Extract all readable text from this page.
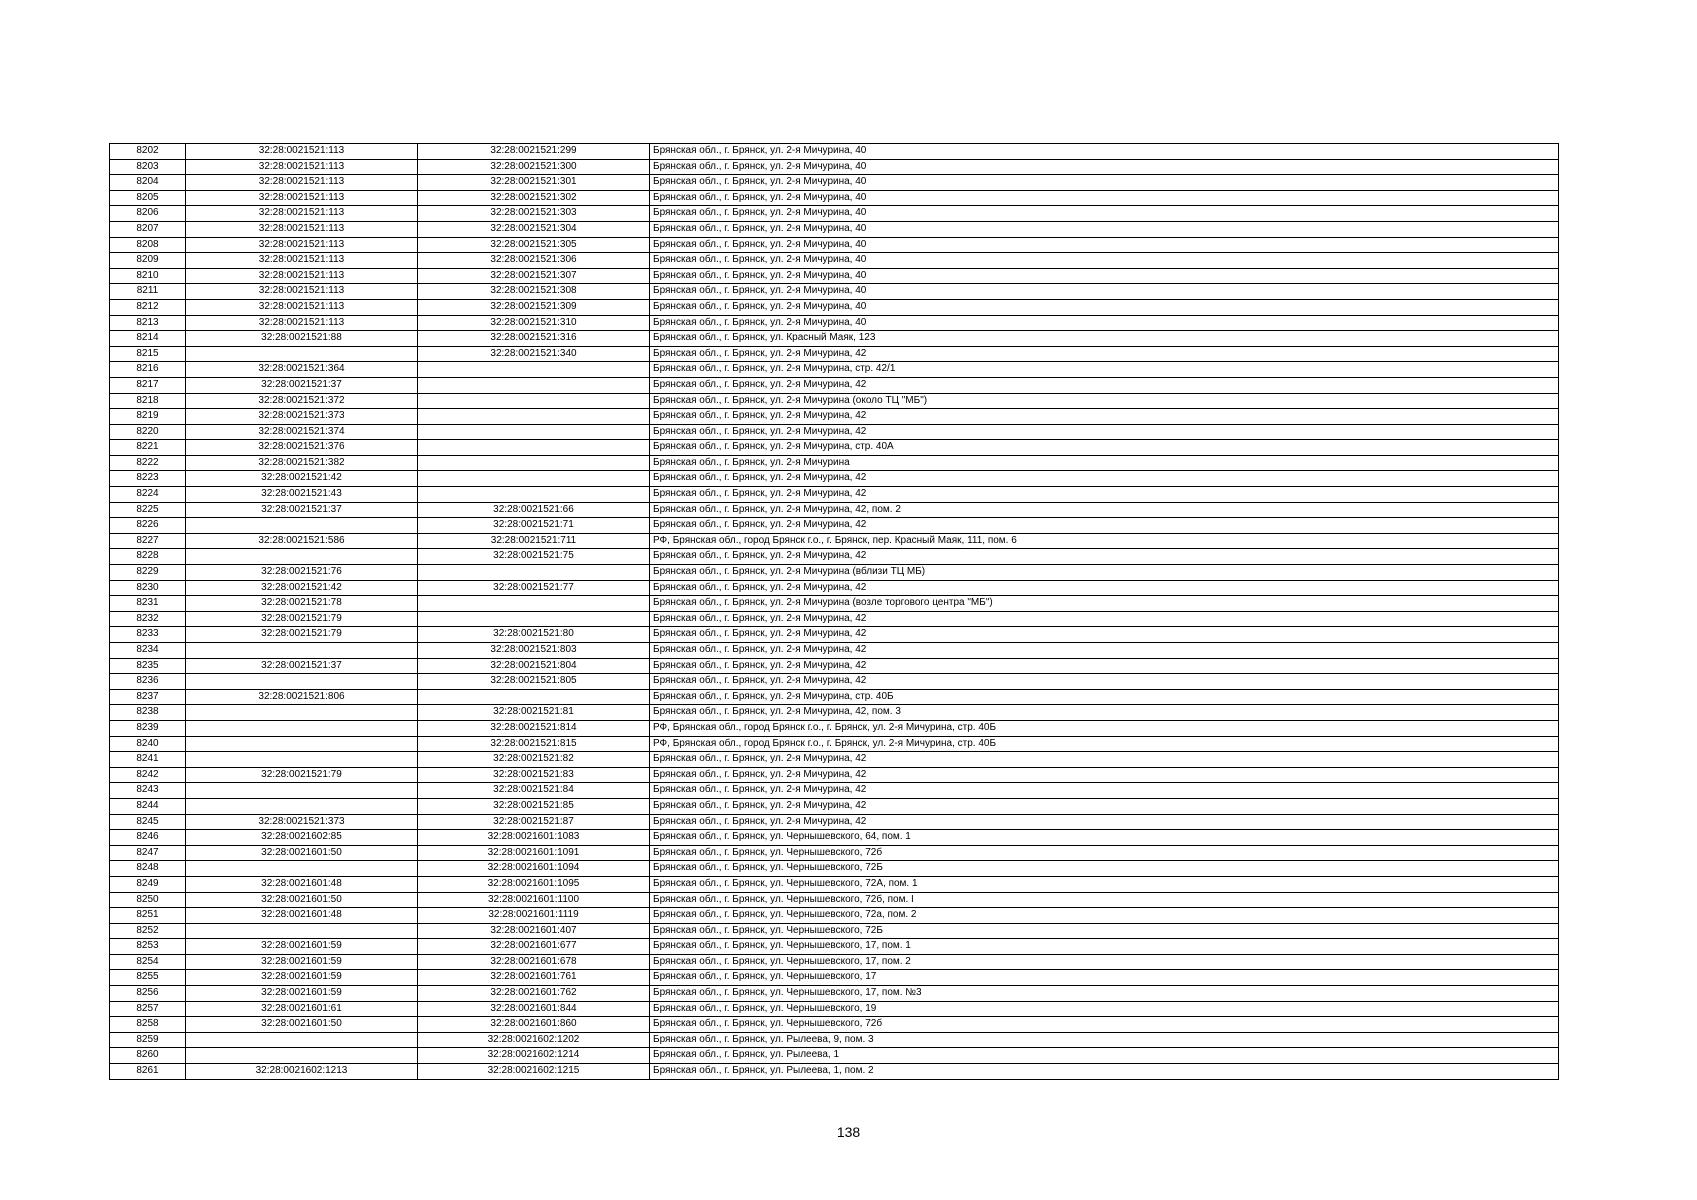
8202	32:28:0021521:113	32:28:0021521:299	Брянская обл., г. Брянск, ул. 2-я Мичурина, 40
8203	32:28:0021521:113	32:28:0021521:300	Брянская обл., г. Брянск, ул. 2-я Мичурина, 40
8204	32:28:0021521:113	32:28:0021521:301	Брянская обл., г. Брянск, ул. 2-я Мичурина, 40
8205	32:28:0021521:113	32:28:0021521:302	Брянская обл., г. Брянск, ул. 2-я Мичурина, 40
8206	32:28:0021521:113	32:28:0021521:303	Брянская обл., г. Брянск, ул. 2-я Мичурина, 40
8207	32:28:0021521:113	32:28:0021521:304	Брянская обл., г. Брянск, ул. 2-я Мичурина, 40
8208	32:28:0021521:113	32:28:0021521:305	Брянская обл., г. Брянск, ул. 2-я Мичурина, 40
8209	32:28:0021521:113	32:28:0021521:306	Брянская обл., г. Брянск, ул. 2-я Мичурина, 40
8210	32:28:0021521:113	32:28:0021521:307	Брянская обл., г. Брянск, ул. 2-я Мичурина, 40
8211	32:28:0021521:113	32:28:0021521:308	Брянская обл., г. Брянск, ул. 2-я Мичурина, 40
8212	32:28:0021521:113	32:28:0021521:309	Брянская обл., г. Брянск, ул. 2-я Мичурина, 40
8213	32:28:0021521:113	32:28:0021521:310	Брянская обл., г. Брянск, ул. 2-я Мичурина, 40
8214	32:28:0021521:88	32:28:0021521:316	Брянская обл., г. Брянск, ул. Красный Маяк, 123
8215		32:28:0021521:340	Брянская обл., г. Брянск, ул. 2-я Мичурина, 42
8216	32:28:0021521:364		Брянская обл., г. Брянск, ул. 2-я Мичурина, стр. 42/1
8217	32:28:0021521:37		Брянская обл., г. Брянск, ул. 2-я Мичурина, 42
8218	32:28:0021521:372		Брянская обл., г. Брянск, ул. 2-я Мичурина (около ТЦ "МБ")
8219	32:28:0021521:373		Брянская обл., г. Брянск, ул. 2-я Мичурина, 42
8220	32:28:0021521:374		Брянская обл., г. Брянск, ул. 2-я Мичурина, 42
8221	32:28:0021521:376		Брянская обл., г. Брянск, ул. 2-я Мичурина, стр. 40А
8222	32:28:0021521:382		Брянская обл., г. Брянск, ул. 2-я Мичурина
8223	32:28:0021521:42		Брянская обл., г. Брянск, ул. 2-я Мичурина, 42
8224	32:28:0021521:43		Брянская обл., г. Брянск, ул. 2-я Мичурина, 42
8225	32:28:0021521:37	32:28:0021521:66	Брянская обл., г. Брянск, ул. 2-я Мичурина, 42, пом. 2
8226		32:28:0021521:71	Брянская обл., г. Брянск, ул. 2-я Мичурина, 42
8227	32:28:0021521:586	32:28:0021521:711	РФ, Брянская обл., город Брянск г.о., г. Брянск, пер. Красный Маяк, 111, пом. 6
8228		32:28:0021521:75	Брянская обл., г. Брянск, ул. 2-я Мичурина, 42
8229	32:28:0021521:76		Брянская обл., г. Брянск, ул. 2-я Мичурина (вблизи ТЦ МБ)
8230	32:28:0021521:42	32:28:0021521:77	Брянская обл., г. Брянск, ул. 2-я Мичурина, 42
8231	32:28:0021521:78		Брянская обл., г. Брянск, ул. 2-я Мичурина (возле торгового центра "МБ")
8232	32:28:0021521:79		Брянская обл., г. Брянск, ул. 2-я Мичурина, 42
8233	32:28:0021521:79	32:28:0021521:80	Брянская обл., г. Брянск, ул. 2-я Мичурина, 42
8234		32:28:0021521:803	Брянская обл., г. Брянск, ул. 2-я Мичурина, 42
8235	32:28:0021521:37	32:28:0021521:804	Брянская обл., г. Брянск, ул. 2-я Мичурина, 42
8236		32:28:0021521:805	Брянская обл., г. Брянск, ул. 2-я Мичурина, 42
8237	32:28:0021521:806		Брянская обл., г. Брянск, ул. 2-я Мичурина, стр. 40Б
8238		32:28:0021521:81	Брянская обл., г. Брянск, ул. 2-я Мичурина, 42, пом. 3
8239		32:28:0021521:814	РФ, Брянская обл., город Брянск г.о., г. Брянск, ул. 2-я Мичурина, стр. 40Б
8240		32:28:0021521:815	РФ, Брянская обл., город Брянск г.о., г. Брянск, ул. 2-я Мичурина, стр. 40Б
8241		32:28:0021521:82	Брянская обл., г. Брянск, ул. 2-я Мичурина, 42
8242	32:28:0021521:79	32:28:0021521:83	Брянская обл., г. Брянск, ул. 2-я Мичурина, 42
8243		32:28:0021521:84	Брянская обл., г. Брянск, ул. 2-я Мичурина, 42
8244		32:28:0021521:85	Брянская обл., г. Брянск, ул. 2-я Мичурина, 42
8245	32:28:0021521:373	32:28:0021521:87	Брянская обл., г. Брянск, ул. 2-я Мичурина, 42
8246	32:28:0021602:85	32:28:0021601:1083	Брянская обл., г. Брянск, ул. Чернышевского, 64, пом. 1
8247	32:28:0021601:50	32:28:0021601:1091	Брянская обл., г. Брянск, ул. Чернышевского, 72б
8248		32:28:0021601:1094	Брянская обл., г. Брянск, ул. Чернышевского, 72Б
8249	32:28:0021601:48	32:28:0021601:1095	Брянская обл., г. Брянск, ул. Чернышевского, 72А, пом. 1
8250	32:28:0021601:50	32:28:0021601:1100	Брянская обл., г. Брянск, ул. Чернышевского, 72б, пом. I
8251	32:28:0021601:48	32:28:0021601:1119	Брянская обл., г. Брянск, ул. Чернышевского, 72а, пом. 2
8252		32:28:0021601:407	Брянская обл., г. Брянск, ул. Чернышевского, 72Б
8253	32:28:0021601:59	32:28:0021601:677	Брянская обл., г. Брянск, ул. Чернышевского, 17, пом. 1
8254	32:28:0021601:59	32:28:0021601:678	Брянская обл., г. Брянск, ул. Чернышевского, 17, пом. 2
8255	32:28:0021601:59	32:28:0021601:761	Брянская обл., г. Брянск, ул. Чернышевского, 17
8256	32:28:0021601:59	32:28:0021601:762	Брянская обл., г. Брянск, ул. Чернышевского, 17, пом. №3
8257	32:28:0021601:61	32:28:0021601:844	Брянская обл., г. Брянск, ул. Чернышевского, 19
8258	32:28:0021601:50	32:28:0021601:860	Брянская обл., г. Брянск, ул. Чернышевского, 72б
8259		32:28:0021602:1202	Брянская обл., г. Брянск, ул. Рылеева, 9, пом. 3
8260		32:28:0021602:1214	Брянская обл., г. Брянск, ул. Рылеева, 1
8261	32:28:0021602:1213	32:28:0021602:1215	Брянская обл., г. Брянск, ул. Рылеева, 1, пом. 2
138
